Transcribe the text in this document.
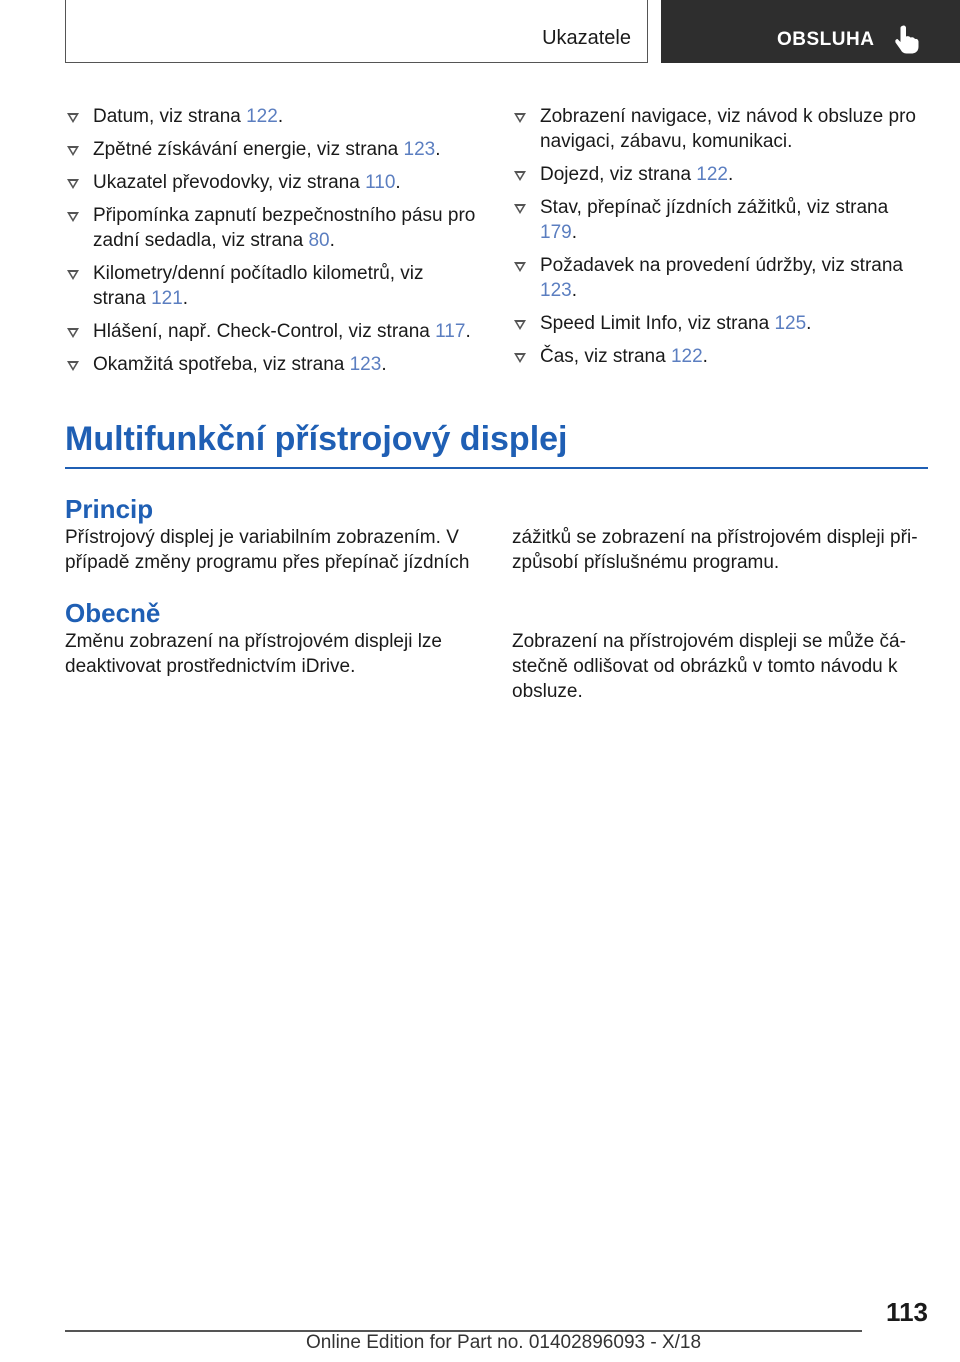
Ukazatele	OBSLUHA
Datum, viz strana 122.
Zpětné získávání energie, viz strana 123.
Ukazatel převodovky, viz strana 110.
Připomínka zapnutí bezpečnostního pásu pro zadní sedadla, viz strana 80.
Kilometry/denní počítadlo kilometrů, viz strana 121.
Hlášení, např. Check-Control, viz strana 117.
Okamžitá spotřeba, viz strana 123.
Zobrazení navigace, viz návod k obsluze pro navigaci, zábavu, komunikaci.
Dojezd, viz strana 122.
Stav, přepínač jízdních zážitků, viz strana 179.
Požadavek na provedení údržby, viz strana 123.
Speed Limit Info, viz strana 125.
Čas, viz strana 122.
Multifunkční přístrojový displej
Princip

Přístrojový displej je variabilním zobrazením. V případě změny programu přes přepínač jízdních

zážitků se zobrazení na přístrojovém displeji přizpůsobí příslušnému programu.

Obecně

Změnu zobrazení na přístrojovém displeji lze deaktivovat prostřednictvím iDrive.

Zobrazení na přístrojovém displeji se může částečně odlišovat od obrázků v tomto návodu k obsluze.

113
Online Edition for Part no. 01402896093 - X/18
